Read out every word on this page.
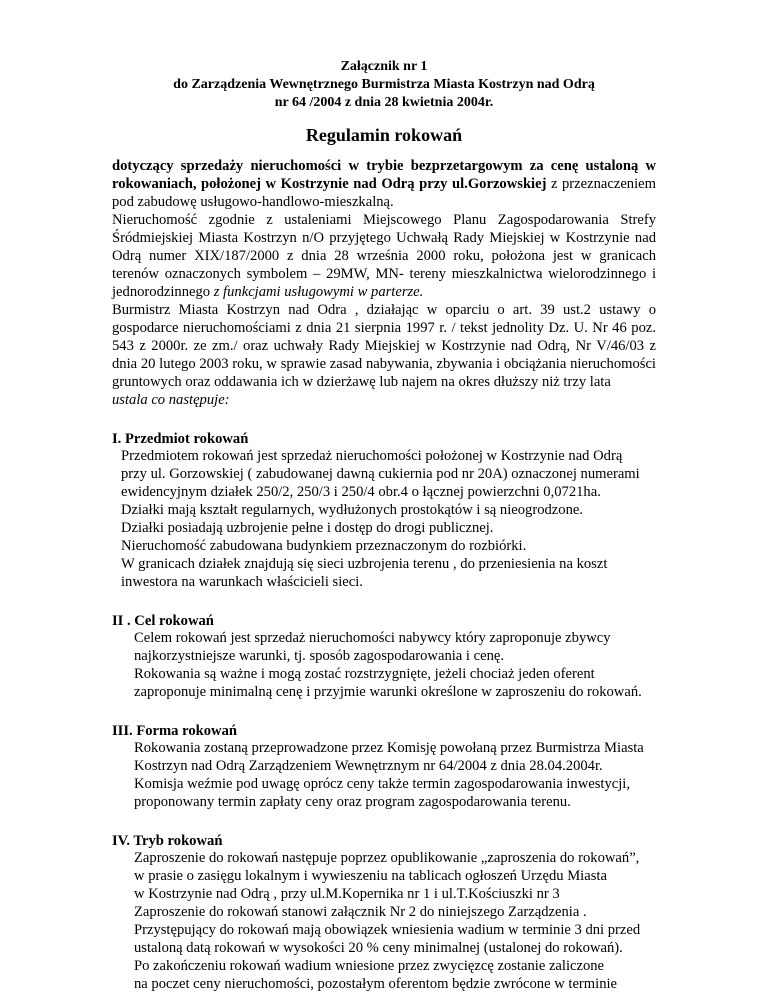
Załącznik nr 1
do Zarządzenia Wewnętrznego Burmistrza Miasta Kostrzyn nad Odrą
nr 64 /2004 z dnia 28 kwietnia 2004r.
Regulamin rokowań
dotyczący sprzedaży nieruchomości w trybie bezprzetargowym za cenę ustaloną w
rokowaniach, położonej w Kostrzynie nad Odrą przy ul.Gorzowskiej z przeznaczeniem
pod zabudowę usługowo-handlowo-mieszkalną.
Nieruchomość zgodnie z ustaleniami Miejscowego Planu Zagospodarowania Strefy
Śródmiejskiej Miasta Kostrzyn n/O przyjętego Uchwałą Rady Miejskiej w Kostrzynie nad
Odrą numer XIX/187/2000 z dnia 28 września 2000 roku, położona jest w granicach
terenów oznaczonych symbolem – 29MW, MN- tereny mieszkalnictwa wielorodzinnego i
jednorodzinnego z funkcjami usługowymi w parterze.
Burmistrz Miasta Kostrzyn nad Odra , działając w oparciu o art. 39 ust.2 ustawy o
gospodarce nieruchomościami z dnia 21 sierpnia 1997 r. / tekst jednolity Dz. U. Nr 46 poz.
543 z 2000r. ze zm./ oraz uchwały Rady Miejskiej w Kostrzynie nad Odrą, Nr V/46/03 z
dnia 20 lutego 2003 roku, w sprawie zasad nabywania, zbywania i obciążania nieruchomości
gruntowych oraz oddawania ich w dzierżawę lub najem na okres dłuższy niż trzy lata
ustala co następuje:
I. Przedmiot rokowań
Przedmiotem rokowań jest sprzedaż nieruchomości położonej w Kostrzynie nad Odrą
przy ul. Gorzowskiej ( zabudowanej dawną cukiernia pod nr 20A) oznaczonej numerami
ewidencyjnym działek 250/2, 250/3 i 250/4 obr.4 o łącznej powierzchni 0,0721ha.
Działki mają kształt regularnych, wydłużonych prostokątów i są nieogrodzone.
Działki posiadają uzbrojenie pełne i dostęp do drogi publicznej.
Nieruchomość zabudowana budynkiem przeznaczonym do rozbiórki.
W granicach działek znajdują się sieci uzbrojenia terenu , do przeniesienia na koszt
inwestora na warunkach właścicieli sieci.
II . Cel rokowań
Celem rokowań jest sprzedaż nieruchomości nabywcy który zaproponuje zbywcy
najkorzystniejsze warunki, tj. sposób zagospodarowania i cenę.
Rokowania są ważne i mogą zostać rozstrzygnięte, jeżeli chociaż jeden oferent
zaproponuje minimalną cenę i przyjmie warunki określone w zaproszeniu do rokowań.
III. Forma rokowań
Rokowania zostaną przeprowadzone przez Komisję powołaną przez Burmistrza Miasta
Kostrzyn nad Odrą Zarządzeniem Wewnętrznym nr 64/2004 z dnia 28.04.2004r.
Komisja weźmie pod uwagę oprócz ceny także termin zagospodarowania inwestycji,
proponowany termin zapłaty ceny oraz program zagospodarowania terenu.
IV. Tryb rokowań
Zaproszenie do rokowań następuje poprzez opublikowanie „zaproszenia do rokowań”,
w prasie o zasięgu lokalnym i wywieszeniu na tablicach ogłoszeń Urzędu Miasta
w Kostrzynie nad Odrą , przy ul.M.Kopernika nr 1 i ul.T.Kościuszki nr 3
Zaproszenie do rokowań stanowi załącznik Nr 2 do niniejszego Zarządzenia .
Przystępujący do rokowań mają obowiązek wniesienia wadium w terminie 3 dni przed
ustaloną datą rokowań w wysokości 20 % ceny minimalnej (ustalonej do rokowań).
Po zakończeniu rokowań wadium wniesione przez zwycięzcę zostanie zaliczone
na poczet ceny nieruchomości, pozostałym oferentom będzie zwrócone w terminie
